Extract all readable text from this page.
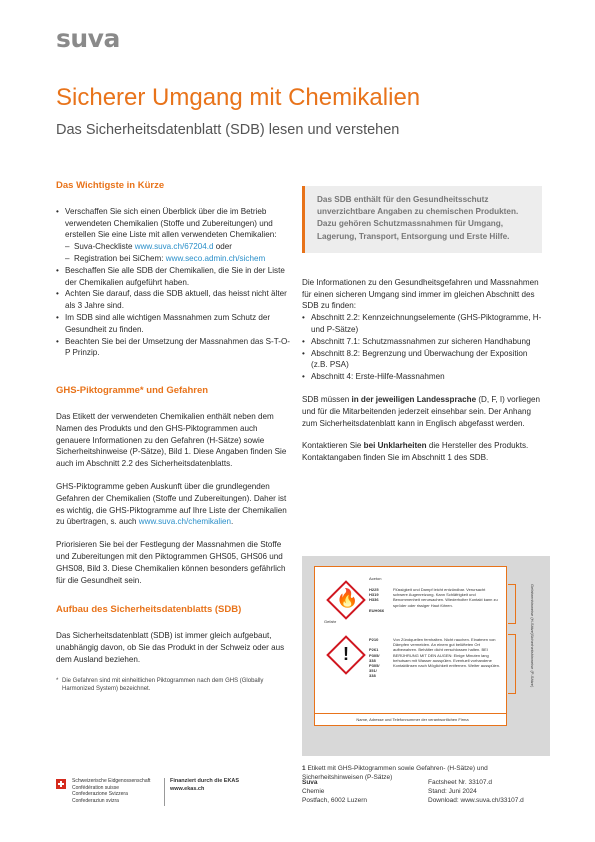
suva
Sicherer Umgang mit Chemikalien
Das Sicherheitsdatenblatt (SDB) lesen und verstehen
Das Wichtigste in Kürze
• Verschaffen Sie sich einen Überblick über die im Betrieb verwendeten Chemikalien (Stoffe und Zubereitungen) und erstellen Sie eine Liste mit allen verwendeten Chemikalien:
– Suva-Checkliste www.suva.ch/67204.d oder
– Registration bei SiChem: www.seco.admin.ch/sichem
• Beschaffen Sie alle SDB der Chemikalien, die Sie in der Liste der Chemikalien aufgeführt haben.
• Achten Sie darauf, dass die SDB aktuell, das heisst nicht älter als 3 Jahre sind.
• Im SDB sind alle wichtigen Massnahmen zum Schutz der Gesundheit zu finden.
• Beachten Sie bei der Umsetzung der Massnahmen das S-T-O-P Prinzip.
GHS-Piktogramme* und Gefahren

Das Etikett der verwendeten Chemikalien enthält neben dem Namen des Produkts und den GHS-Piktogrammen auch genauere Informationen zu den Gefahren (H-Sätze) sowie Sicherheitshinweise (P-Sätze), Bild 1. Diese Angaben finden Sie auch im Abschnitt 2.2 des Sicherheitsdatenblatts.

GHS-Piktogramme geben Auskunft über die grundlegenden Gefahren der Chemikalien (Stoffe und Zubereitungen). Daher ist es wichtig, die GHS-Piktogramme auf Ihre Liste der Chemikalien zu übertragen, s. auch www.suva.ch/chemikalien.

Priorisieren Sie bei der Festlegung der Massnahmen die Stoffe und Zubereitungen mit den Piktogrammen GHS05, GHS06 und GHS08, Bild 3. Diese Chemikalien können besonders gefährlich für die Gesundheit sein.

Aufbau des Sicherheitsdatenblatts (SDB)

Das Sicherheitsdatenblatt (SDB) ist immer gleich aufgebaut, unabhängig davon, ob Sie das Produkt in der Schweiz oder aus dem Ausland beziehen.

* Die Gefahren sind mit einheitlichen Piktogrammen nach dem GHS (Globally Harmonized System) bezeichnet.
Das SDB enthält für den Gesundheitsschutz unverzichtbare Angaben zu chemischen Produkten. Dazu gehören Schutzmassnahmen für Umgang, Lagerung, Transport, Entsorgung und Erste Hilfe.

Die Informationen zu den Gesundheitsgefahren und Massnahmen für einen sicheren Umgang sind immer im gleichen Abschnitt des SDB zu finden:

• Abschnitt 2.2: Kennzeichnungselemente (GHS-Piktogramme, H- und P-Sätze)
• Abschnitt 7.1: Schutzmassnahmen zur sicheren Handhabung
• Abschnitt 8.2: Begrenzung und Überwachung der Exposition (z.B. PSA)
• Abschnitt 4: Erste-Hilfe-Massnahmen

SDB müssen in der jeweiligen Landessprache (D, F, I) vorliegen und für die Mitarbeitenden jederzeit einsehbar sein. Der Anhang zum Sicherheitsdatenblatt kann in Englisch abgefasst werden.

Kontaktieren Sie bei Unklarheiten die Hersteller des Produkts. Kontaktangaben finden Sie im Abschnitt 1 des SDB.

Aceton
🔥
Gefahr
H225
H319
H336

EUH066
Flüssigkeit und Dampf leicht entzündbar. Verursacht schwere Augenreizung. Kann Schläfrigkeit und Benommenheit verursachen. Wiederholter Kontakt kann zu spröder oder rissiger Haut führen.
!
P210

P261
P305/
338
P305/
351/
338
Von Zündquellen fernhalten. Nicht rauchen. Einatmen von Dämpfen vermeiden. An einem gut belüfteten Ort aufbewahren. Behälter dicht verschlossen halten. BEI BERÜHRUNG MIT DEN AUGEN: Einige Minuten lang behutsam mit Wasser ausspülen. Eventuell vorhandene Kontaktlinsen nach Möglichkeit entfernen. Weiter ausspülen.
Name, Adresse und Telefonnummer der verantwortlichen Firma
Gefahrenhinweise (H-Sätze)
Sicherheitshinweise (P-Sätze)
1 Etikett mit GHS-Piktogrammen sowie Gefahren- (H-Sätze) und Sicherheitshinweisen (P-Sätze)
Schweizerische Eidgenossenschaft
Confédération suisse
Confederazione Svizzera
Confederaziun svizra
Finanziert durch die EKAS
www.ekas.ch
Suva
Chemie
Postfach, 6002 Luzern
Factsheet Nr. 33107.d
Stand: Juni 2024
Download: www.suva.ch/33107.d
